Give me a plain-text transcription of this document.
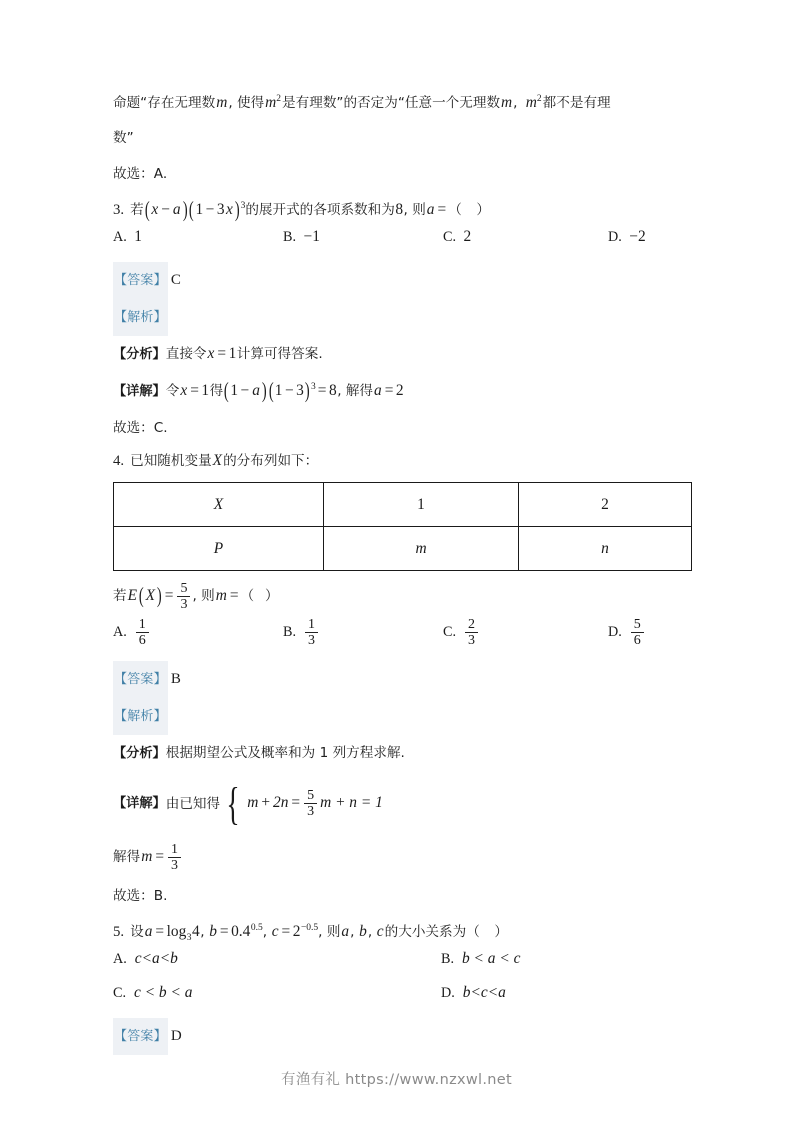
命题“存在无理数m, 使得$m^2$是有理数”的否定为“任意一个无理数m, $m^2$都不是有理
数”
故选：A.
3. 若( $x - a)(1 - 3x)^3$的展开式的各项系数和为8, 则a = （ ）
A. 1	B. −1	C. 2	D. −2
【答案】 C
【解析】
【分析】直接令x = 1计算可得答案.
【详解】令x = 1得$(1 - a)(1 - 3)^3 = 8$, 解得a = 2
故选：C.
4. 已知随机变量X的分布列如下：
X	1	2
P	m	n
若E( $X) = \frac{5}{3}$ , 则m = （ ）
A. $\frac{1}{6}$	B. $\frac{1}{3}$	C. $\frac{2}{3}$	D. $\frac{5}{6}$
【答案】 B
【解析】
【分析】根据期望公式及概率和为 1 列方程求解.
【详解】 由已知得 { $m + 2n = \frac{5}{3}$ m + n = 1
解得$m = \frac{1}{3}$
故选：B.
5. 设$a = \log_34$, $b = 0.4^{0.5}$, $c = 2^{-0.5}$, 则a, b, c的大小关系为（ ）
A. c<a<b	B. b < a < c
C. c < b < a	D. b<c<a
【答案】 D
有渔有礼 https://www.nzxwl.net
